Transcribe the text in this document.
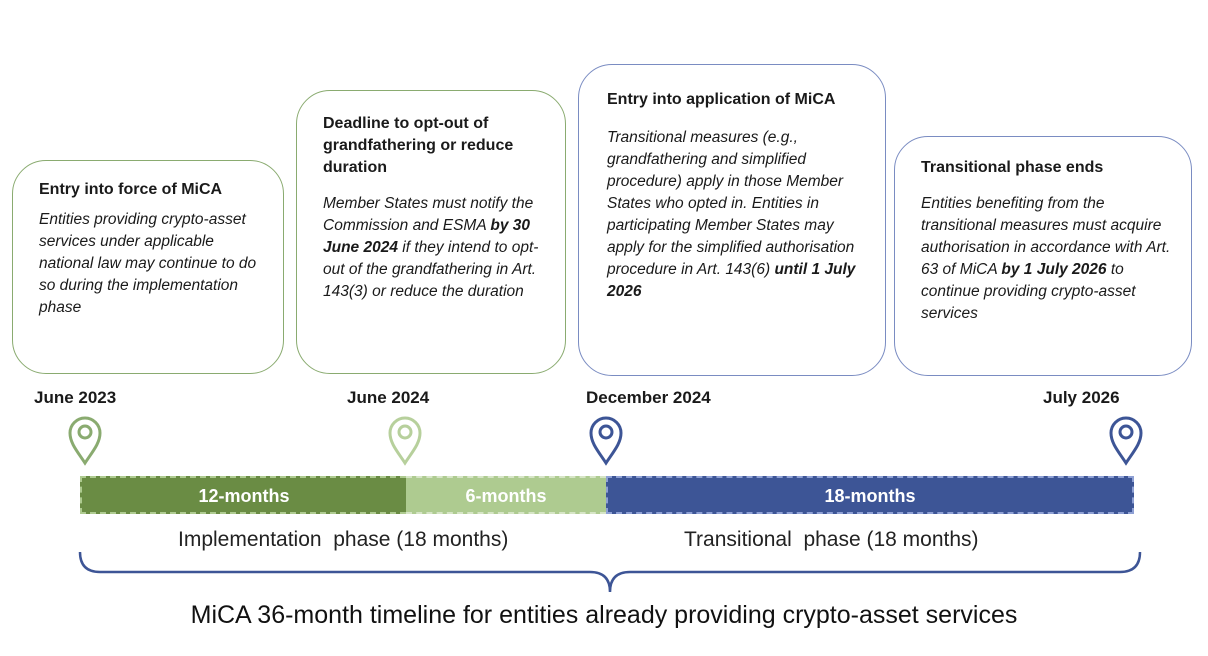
Entry into force of MiCA

Entities providing crypto-asset services under applicable national law may continue to do so during the implementation phase

Deadline to opt-out of grandfathering or reduce duration

Member States must notify the Commission and ESMA by 30 June 2024 if they intend to opt-out of the grandfathering in Art. 143(3) or reduce the duration

Entry into application of MiCA

Transitional measures (e.g., grandfathering and simplified procedure) apply in those Member States who opted in. Entities in participating Member States may apply for the simplified authorisation procedure in Art. 143(6) until 1 July 2026

Transitional phase ends

Entities benefiting from the transitional measures must acquire authorisation in accordance with Art. 63 of MiCA by 1 July 2026 to continue providing crypto-asset services

June 2023	June 2024	December 2024	July 2026
12-months	6-months	18-months
Implementation  phase (18 months)	Transitional  phase (18 months)
MiCA 36-month timeline for entities already providing crypto-asset services
